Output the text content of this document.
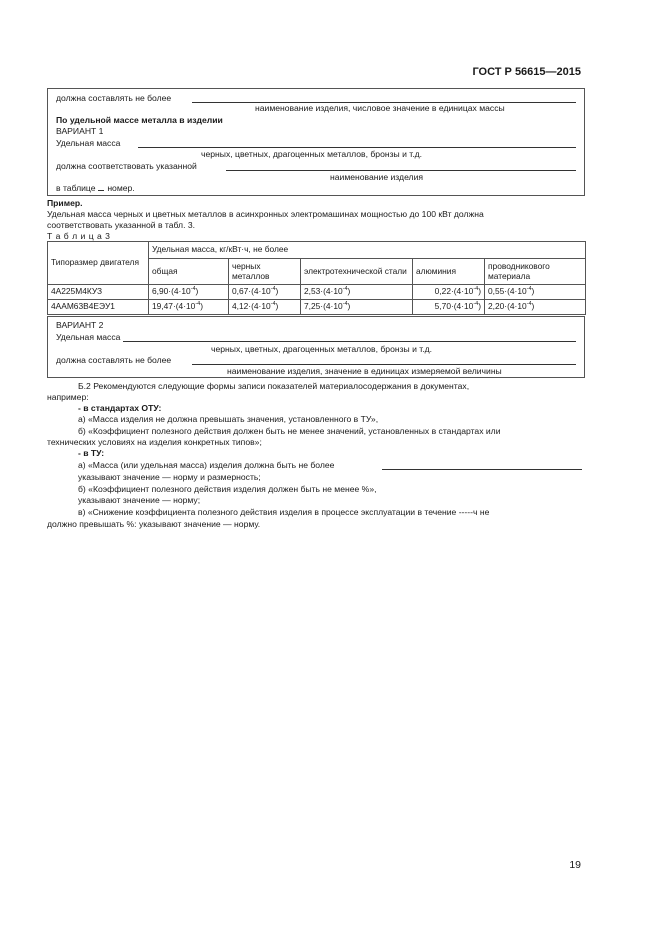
ГОСТ Р 56615—2015
должна составлять не более
наименование изделия, числовое значение в единицах массы
По удельной массе металла в изделии
ВАРИАНТ 1
Удельная масса
черных, цветных, драгоценных металлов, бронзы и т.д.
должна соответствовать указанной
наименование изделия
в таблице номер.
Пример.
Удельная масса черных и цветных металлов в асинхронных электромашинах мощностью до 100 кВт должна
соответствовать указанной в табл. 3.
Т а б л и ц а 3
Типоразмер двигателя	Удельная масса, кг/кВт·ч, не более				
	общая	черных металлов	электротехнической стали	алюминия	проводникового материала
4А225М4КУЗ	$6,90\cdot(4\cdot 10^{-4})$	$0,67\cdot(4\cdot 10^{-4})$	$2,53\cdot(4\cdot 10^{-4})$	$0,22\cdot(4\cdot 10^{-4})$	$0,55\cdot(4\cdot 10^{-4})$
4ААМ63В4ЕЭУ1	$19,47\cdot(4\cdot 10^{-4})$	$4,12\cdot(4\cdot 10^{-4})$	$7,25\cdot(4\cdot 10^{-4})$	$5,70\cdot(4\cdot 10^{-4})$	$2,20\cdot(4\cdot 10^{-4})$
ВАРИАНТ 2
Удельная масса
черных, цветных, драгоценных металлов, бронзы и т.д.
должна составлять не более
наименование изделия, значение в единицах измеряемой величины
Б.2 Рекомендуются следующие формы записи показателей материалосодержания в документах,
например:
- в стандартах ОТУ:
а) «Масса изделия не должна превышать значения, установленного в ТУ»,
б) «Коэффициент полезного действия должен быть не менее значений, установленных в стандартах или
технических условиях на изделия конкретных типов»;
- в ТУ:
а) «Масса (или удельная масса) изделия должна быть не более
указывают значение — норму и размерность;
б) «Коэффициент полезного действия изделия должен быть не менее %»,
указывают значение — норму;
в) «Снижение коэффициента полезного действия изделия в процессе эксплуатации в течение -----ч не
должно превышать %: указывают значение — норму.
19
